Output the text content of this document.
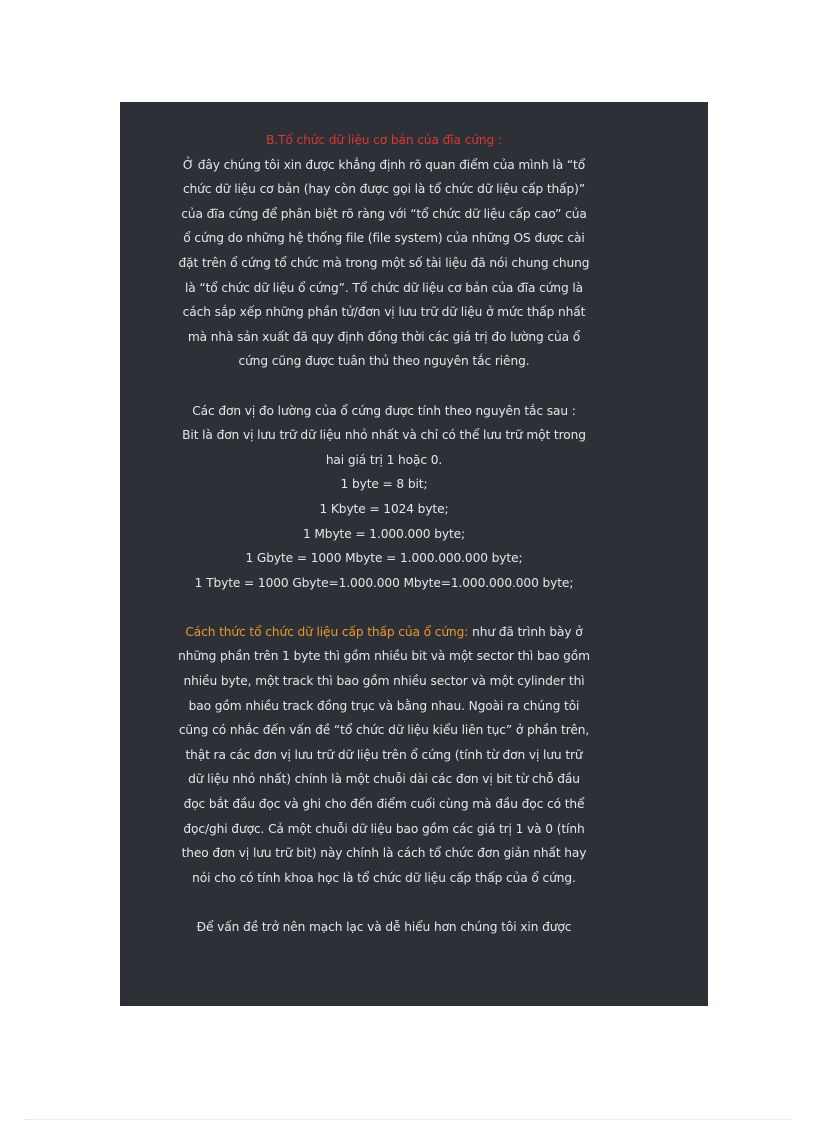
B.Tổ chức dữ liệu cơ bản của đĩa cứng :

Ở đây chúng tôi xin được khẳng định rõ quan điểm của mình là “tổ chức dữ liệu cơ bản (hay còn được gọi là tổ chức dữ liệu cấp thấp)” của đĩa cứng để phân biệt rõ ràng với “tổ chức dữ liệu cấp cao” của ổ cứng do những hệ thống file (file system) của những OS được cài đặt trên ổ cứng tổ chức mà trong một số tài liệu đã nói chung chung là “tổ chức dữ liệu ổ cứng”. Tổ chức dữ liệu cơ bản của đĩa cứng là cách sắp xếp những phần tử/đơn vị lưu trữ dữ liệu ở mức thấp nhất mà nhà sản xuất đã quy định đồng thời các giá trị đo lường của ổ cứng cũng được tuân thủ theo nguyên tắc riêng.

Các đơn vị đo lường của ổ cứng được tính theo nguyên tắc sau :

Bit là đơn vị lưu trữ dữ liệu nhỏ nhất và chỉ có thể lưu trữ một trong hai giá trị 1 hoặc 0.

1 byte = 8 bit;

1 Kbyte = 1024 byte;

1 Mbyte = 1.000.000 byte;

1 Gbyte = 1000 Mbyte = 1.000.000.000 byte;

1 Tbyte = 1000 Gbyte=1.000.000 Mbyte=1.000.000.000 byte;

Cách thức tổ chức dữ liệu cấp thấp của ổ cứng: như đã trình bày ở những phần trên 1 byte thì gồm nhiều bit và một sector thì bao gồm nhiều byte, một track thì bao gồm nhiều sector và một cylinder thì bao gồm nhiều track đồng trục và bằng nhau. Ngoài ra chúng tôi cũng có nhắc đến vấn đề “tổ chức dữ liệu kiểu liên tục” ở phần trên, thật ra các đơn vị lưu trữ dữ liệu trên ổ cứng (tính từ đơn vị lưu trữ dữ liệu nhỏ nhất) chính là một chuỗi dài các đơn vị bit từ chỗ đầu đọc bắt đầu đọc và ghi cho đến điểm cuối cùng mà đầu đọc có thể đọc/ghi được. Cả một chuỗi dữ liệu bao gồm các giá trị 1 và 0 (tính theo đơn vị lưu trữ bit) này chính là cách tổ chức đơn giản nhất hay nói cho có tính khoa học là tổ chức dữ liệu cấp thấp của ổ cứng.

Để vấn đề trở nên mạch lạc và dễ hiểu hơn chúng tôi xin được
